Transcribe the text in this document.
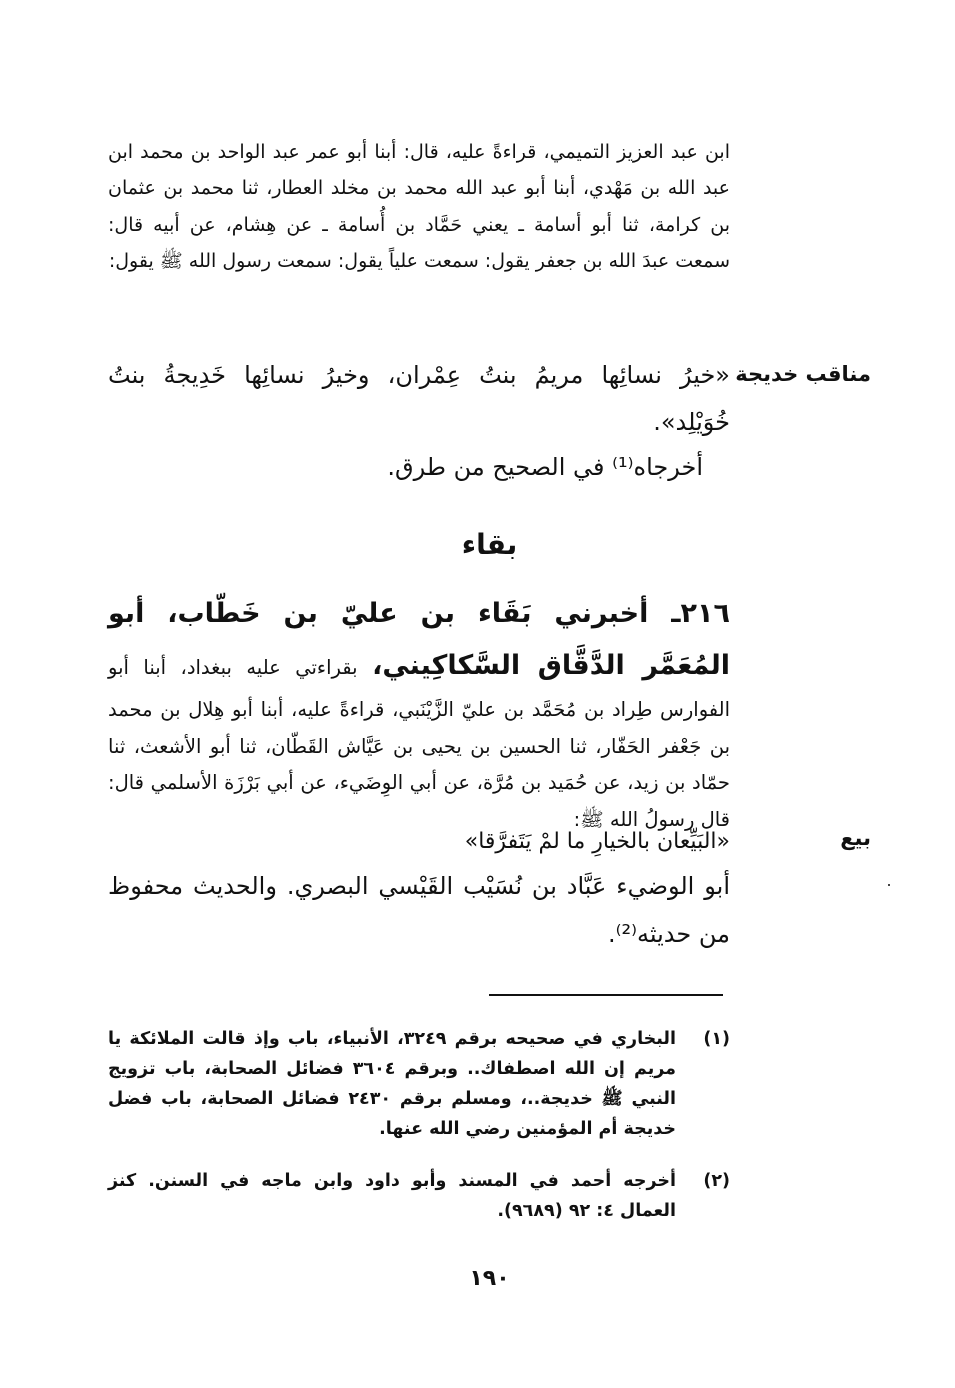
ابن عبد العزيز التميمي، قراءةً عليه، قال: أبنا أبو عمر عبد الواحد بن محمد ابن عبد الله بن مَهْدي، أبنا أبو عبد الله محمد بن مخلد العطار، ثنا محمد بن عثمان بن كرامة، ثنا أبو أسامة ـ يعني حَمَّاد بن أُسامة ـ عن هِشام، عن أبيه قال: سمعت عبدَ الله بن جعفر يقول: سمعت علياً يقول: سمعت رسول الله ﷺ يقول:
مناقب خديجة
«خيرُ نسائِها مريمُ بنتُ عِمْران، وخيرُ نسائِها خَدِيجةُ بنتُ خُوَيْلِد».
أخرجاه⁽¹⁾ في الصحيح من طرق.
بقاء
٢١٦ـ أخبرني بَقَاء بن عليّ بن خَطّاب، أبو المُعَمَّر الدَّقَّاق السَّكاكِيني، بقراءتي عليه ببغداد، أبنا أبو الفوارس طِراد بن مُحَمَّد بن عليّ الزَّيْنَبي، قراءةً عليه، أبنا أبو هِلال بن محمد بن جَعْفر الحَفّار، ثنا الحسين بن يحيى بن عَيَّاش القَطّان، ثنا أبو الأشعث، ثنا حمّاد بن زيد، عن حُمَيد بن مُرَّة، عن أبي الوِضَيء، عن أبي بَرْزَة الأسلمي قال: قال رسولُ الله ﷺ:
«البَيِّعان بالخيارِ ما لمْ يَتَفرَّقا»	بيع
أبو الوضيء عَبَّاد بن نُسَيْب القَيْسي البصري. والحديث محفوظ من حديثه⁽²⁾.
(١)
البخاري في صحيحه برقم ٣٢٤٩، الأنبياء، باب وإذ قالت الملائكة يا مريم إن الله اصطفاك.. وبرقم ٣٦٠٤ فضائل الصحابة، باب تزويج النبي ﷺ خديجة..، ومسلم برقم ٢٤٣٠ فضائل الصحابة، باب فضل خديجة أم المؤمنين رضي الله عنها.
(٢)
أخرجه أحمد في المسند وأبو داود وابن ماجه في السنن. كنز العمال ٤: ٩٢ (٩٦٨٩).
١٩٠
